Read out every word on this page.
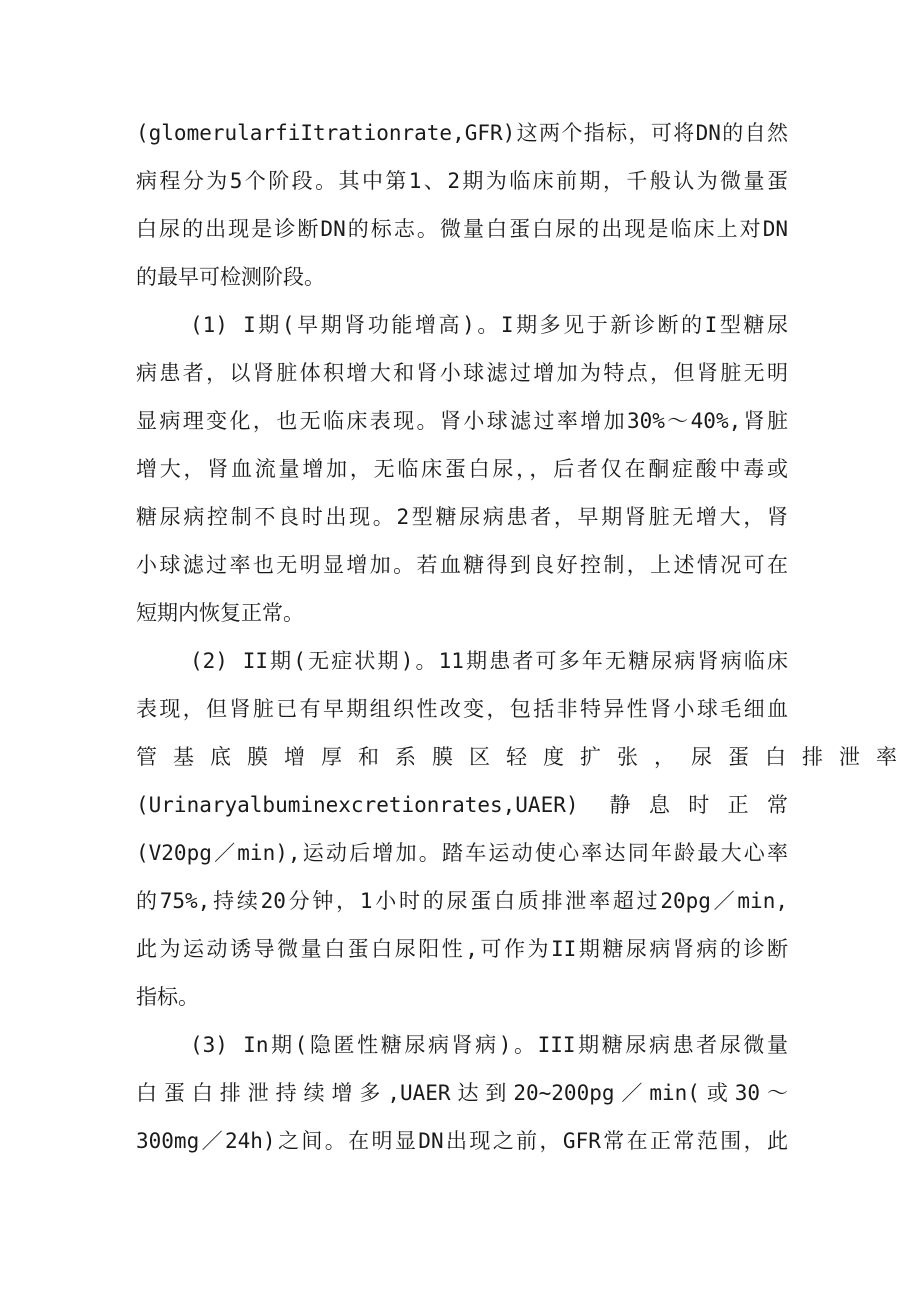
(glomerularfiItrationrate,GFR)这两个指标，可将DN的自然
病程分为5个阶段。其中第1、2期为临床前期，千般认为微量蛋
白尿的出现是诊断DN的标志。微量白蛋白尿的出现是临床上对DN
的最早可检测阶段。
(1) I期(早期肾功能增高)。I期多见于新诊断的I型糖尿
病患者，以肾脏体积增大和肾小球滤过增加为特点，但肾脏无明
显病理变化，也无临床表现。肾小球滤过率增加30%～40%,肾脏
增大，肾血流量增加，无临床蛋白尿，，后者仅在酮症酸中毒或
糖尿病控制不良时出现。2型糖尿病患者，早期肾脏无增大，肾
小球滤过率也无明显增加。若血糖得到良好控制，上述情况可在
短期内恢复正常。
(2) II期(无症状期)。11期患者可多年无糖尿病肾病临床
表现，但肾脏已有早期组织性改变，包括非特异性肾小球毛细血
管基底膜增厚和系膜区轻度扩张，尿蛋白排泄率
(Urinaryalbuminexcretionrates,UAER) 静息时正常
(V20pg／min),运动后增加。踏车运动使心率达同年龄最大心率
的75%,持续20分钟，1小时的尿蛋白质排泄率超过20pg／min,
此为运动诱导微量白蛋白尿阳性,可作为II期糖尿病肾病的诊断
指标。
(3) In期(隐匿性糖尿病肾病)。III期糖尿病患者尿微量
白蛋白排泄持续增多,UAER达到20~200pg／min(或30～
300mg／24h)之间。在明显DN出现之前，GFR常在正常范围，此
